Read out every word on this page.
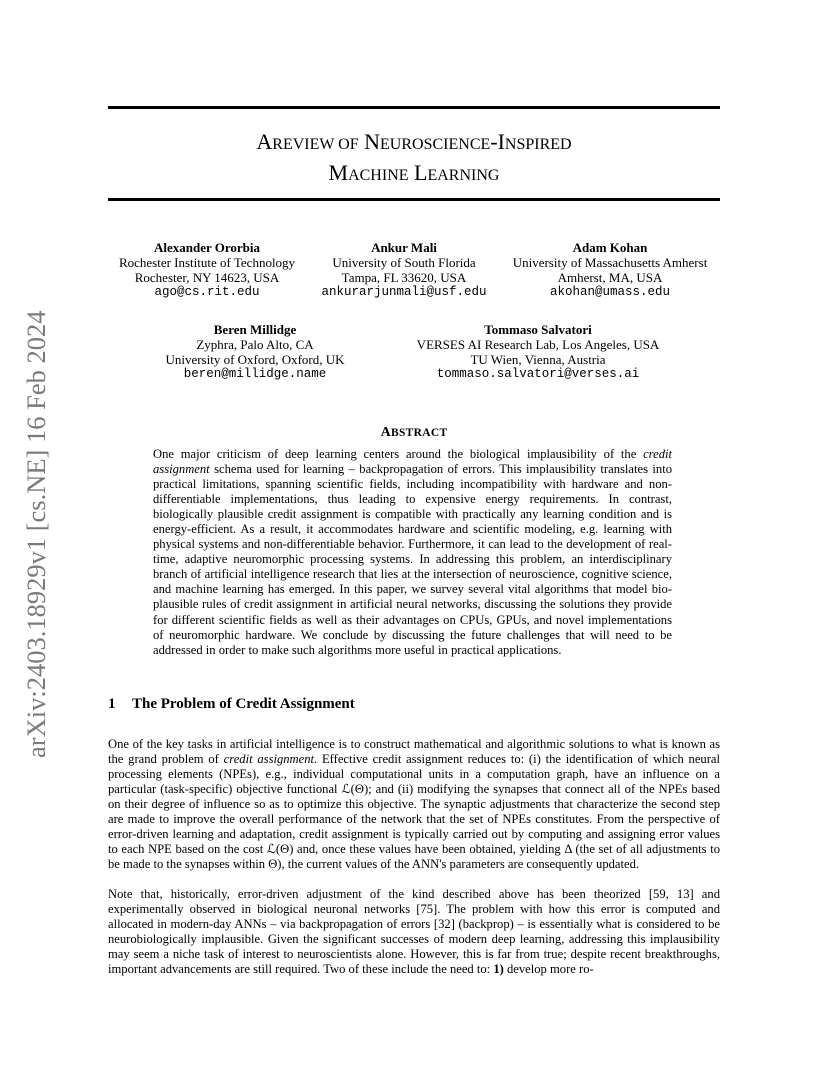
AREVIEW OF NEUROSCIENCE-INSPIRED
MACHINE LEARNING
Alexander Ororbia
Rochester Institute of Technology
Rochester, NY 14623, USA
ago@cs.rit.edu
Ankur Mali
University of South Florida
Tampa, FL 33620, USA
ankurarjunmali@usf.edu
Adam Kohan
University of Massachusetts Amherst
Amherst, MA, USA
akohan@umass.edu
Beren Millidge
Zyphra, Palo Alto, CA
University of Oxford, Oxford, UK
beren@millidge.name
Tommaso Salvatori
VERSES AI Research Lab, Los Angeles, USA
TU Wien, Vienna, Austria
tommaso.salvatori@verses.ai
ABSTRACT

One major criticism of deep learning centers around the biological implausibility of the credit assignment schema used for learning – backpropagation of errors. This implausibility translates into practical limitations, spanning scientific fields, including incompatibility with hardware and non-differentiable implementations, thus leading to expensive energy requirements. In contrast, biologically plausible credit assignment is compatible with practically any learning condition and is energy-efficient. As a result, it accommodates hardware and scientific modeling, e.g. learning with physical systems and non-differentiable behavior. Furthermore, it can lead to the development of real-time, adaptive neuromorphic processing systems. In addressing this problem, an interdisciplinary branch of artificial intelligence research that lies at the intersection of neuroscience, cognitive science, and machine learning has emerged. In this paper, we survey several vital algorithms that model bio-plausible rules of credit assignment in artificial neural networks, discussing the solutions they provide for different scientific fields as well as their advantages on CPUs, GPUs, and novel implementations of neuromorphic hardware. We conclude by discussing the future challenges that will need to be addressed in order to make such algorithms more useful in practical applications.

1 The Problem of Credit Assignment

One of the key tasks in artificial intelligence is to construct mathematical and algorithmic solutions to what is known as the grand problem of credit assignment. Effective credit assignment reduces to: (i) the identification of which neural processing elements (NPEs), e.g., individual computational units in a computation graph, have an influence on a particular (task-specific) objective functional ℒ(Θ); and (ii) modifying the synapses that connect all of the NPEs based on their degree of influence so as to optimize this objective. The synaptic adjustments that characterize the second step are made to improve the overall performance of the network that the set of NPEs constitutes. From the perspective of error-driven learning and adaptation, credit assignment is typically carried out by computing and assigning error values to each NPE based on the cost ℒ(Θ) and, once these values have been obtained, yielding Δ (the set of all adjustments to be made to the synapses within Θ), the current values of the ANN's parameters are consequently updated.

Note that, historically, error-driven adjustment of the kind described above has been theorized [59, 13] and experimentally observed in biological neuronal networks [75]. The problem with how this error is computed and allocated in modern-day ANNs – via backpropagation of errors [32] (backprop) – is essentially what is considered to be neurobiologically implausible. Given the significant successes of modern deep learning, addressing this implausibility may seem a niche task of interest to neuroscientists alone. However, this is far from true; despite recent breakthroughs, important advancements are still required. Two of these include the need to: 1) develop more ro-

arXiv:2403.18929v1 [cs.NE] 16 Feb 2024
